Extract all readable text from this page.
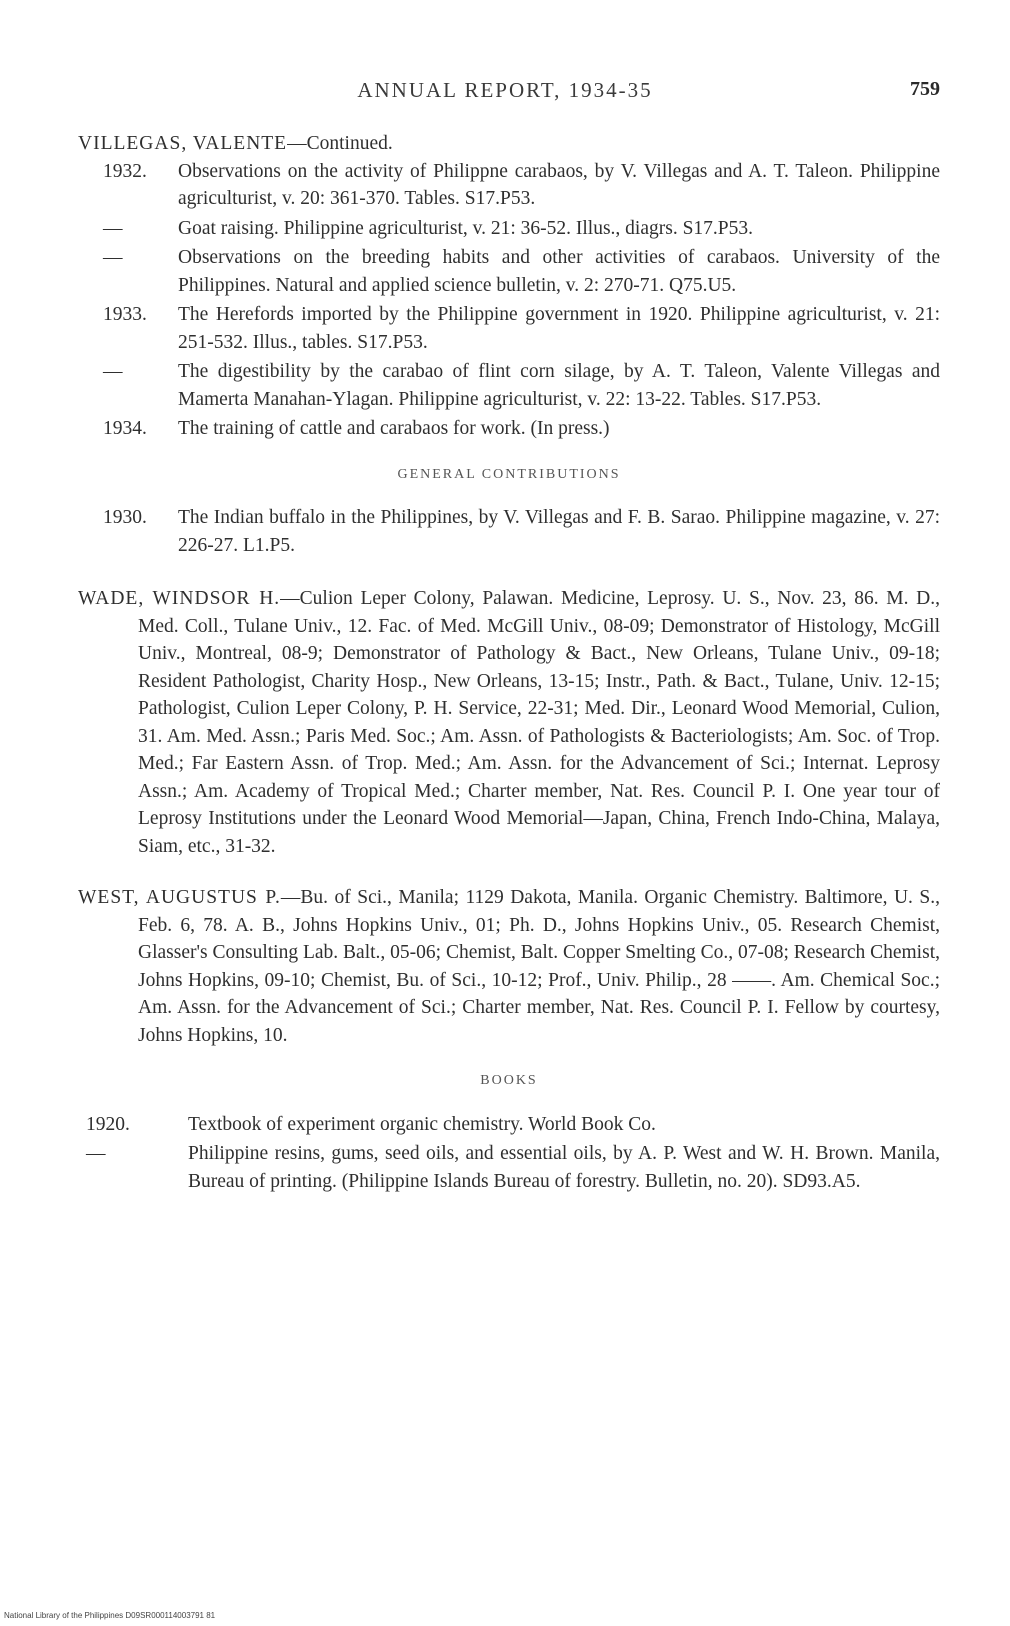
ANNUAL REPORT, 1934-35	759

VILLEGAS, VALENTE—Continued.

1932.	Observations on the activity of Philippne carabaos, by V. Villegas and A. T. Taleon. Philippine agriculturist, v. 20: 361-370. Tables. S17.P53.

—	Goat raising. Philippine agriculturist, v. 21: 36-52. Illus., diagrs. S17.P53.

—	Observations on the breeding habits and other activities of carabaos. University of the Philippines. Natural and applied science bulletin, v. 2: 270-71. Q75.U5.

1933.	The Herefords imported by the Philippine government in 1920. Philippine agriculturist, v. 21: 251-532. Illus., tables. S17.P53.

—	The digestibility by the carabao of flint corn silage, by A. T. Taleon, Valente Villegas and Mamerta Manahan-Ylagan. Philippine agriculturist, v. 22: 13-22. Tables. S17.P53.

1934.	The training of cattle and carabaos for work. (In press.)

GENERAL CONTRIBUTIONS
1930.	The Indian buffalo in the Philippines, by V. Villegas and F. B. Sarao. Philippine magazine, v. 27: 226-27. L1.P5.

WADE, WINDSOR H.—Culion Leper Colony, Palawan. Medicine, Leprosy. U. S., Nov. 23, 86. M. D., Med. Coll., Tulane Univ., 12. Fac. of Med. McGill Univ., 08-09; Demonstrator of Histology, McGill Univ., Montreal, 08-9; Demonstrator of Pathology & Bact., New Orleans, Tulane Univ., 09-18; Resident Pathologist, Charity Hosp., New Orleans, 13-15; Instr., Path. & Bact., Tulane, Univ. 12-15; Pathologist, Culion Leper Colony, P. H. Service, 22-31; Med. Dir., Leonard Wood Memorial, Culion, 31. Am. Med. Assn.; Paris Med. Soc.; Am. Assn. of Pathologists & Bacteriologists; Am. Soc. of Trop. Med.; Far Eastern Assn. of Trop. Med.; Am. Assn. for the Advancement of Sci.; Internat. Leprosy Assn.; Am. Academy of Tropical Med.; Charter member, Nat. Res. Council P. I. One year tour of Leprosy Institutions under the Leonard Wood Memorial—Japan, China, French Indo-China, Malaya, Siam, etc., 31-32.

WEST, AUGUSTUS P.—Bu. of Sci., Manila; 1129 Dakota, Manila. Organic Chemistry. Baltimore, U. S., Feb. 6, 78. A. B., Johns Hopkins Univ., 01; Ph. D., Johns Hopkins Univ., 05. Research Chemist, Glasser's Consulting Lab. Balt., 05-06; Chemist, Balt. Copper Smelting Co., 07-08; Research Chemist, Johns Hopkins, 09-10; Chemist, Bu. of Sci., 10-12; Prof., Univ. Philip., 28 ——. Am. Chemical Soc.; Am. Assn. for the Advancement of Sci.; Charter member, Nat. Res. Council P. I. Fellow by courtesy, Johns Hopkins, 10.

BOOKS
1920.	Textbook of experiment organic chemistry. World Book Co.

—	Philippine resins, gums, seed oils, and essential oils, by A. P. West and W. H. Brown. Manila, Bureau of printing. (Philippine Islands Bureau of forestry. Bulletin, no. 20). SD93.A5.

National Library of the Philippines D09SR000114003791 81
